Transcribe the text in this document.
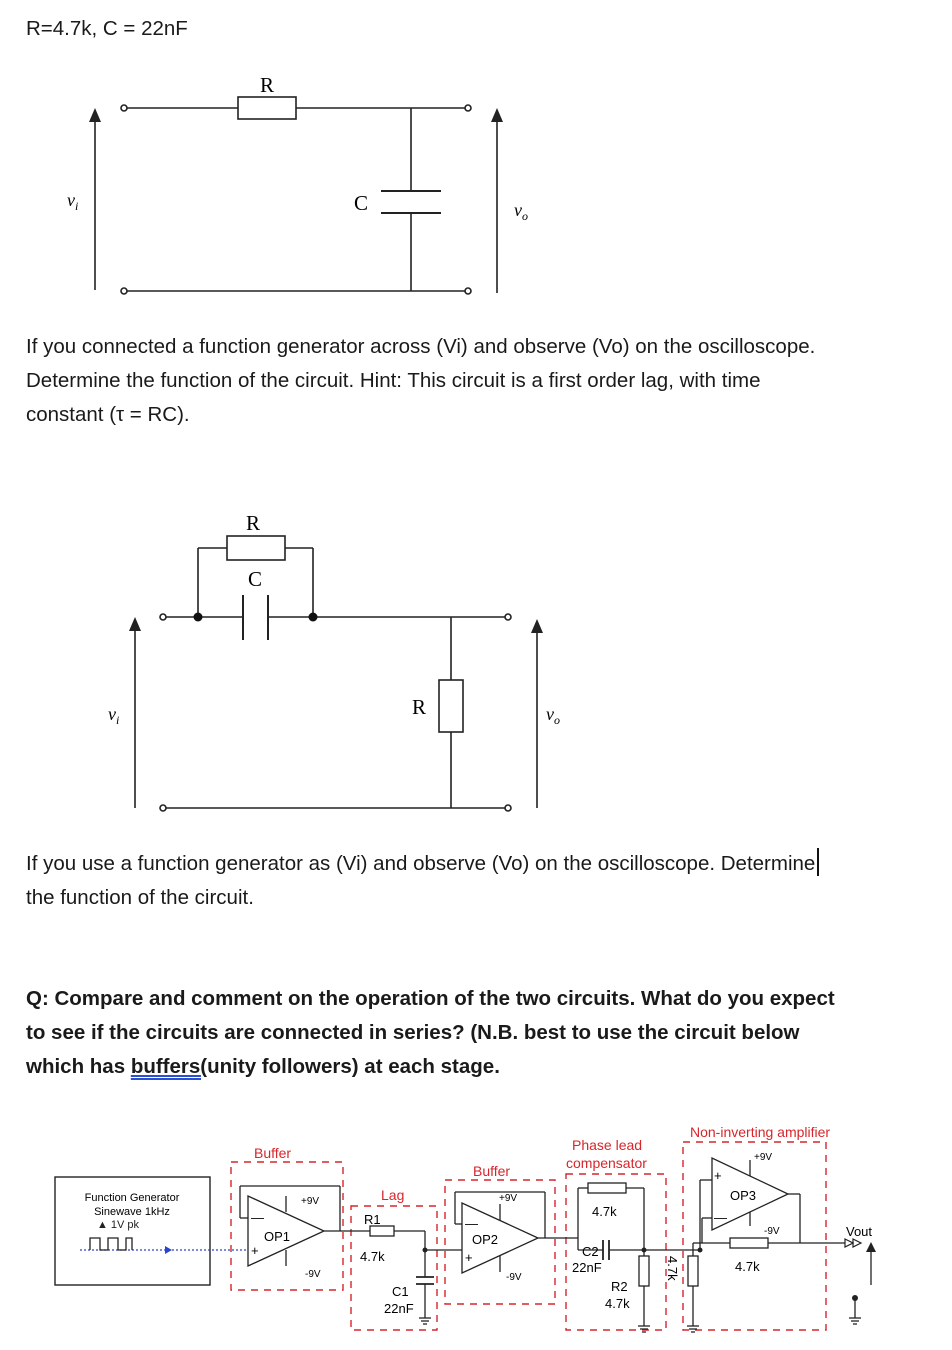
R=4.7k, C = 22nF

R
C
$v_i$	$v_o$

If you connected a function generator across (Vi) and observe (Vo) on the oscilloscope.

Determine the function of the circuit. Hint: This circuit is a first order lag, with time

constant (τ = RC).

R
C
R
$v_i$	$v_o$

If you use a function generator as (Vi) and observe (Vo) on the oscilloscope. Determine

the function of the circuit.

Q: Compare and comment on the operation of the two circuits. What do you expect

to see if the circuits are connected in series? (N.B. best to use the circuit below

which has buffers(unity followers) at each stage.

Function Generator
Sinewave 1kHz
▲ 1V pk
Buffer
Lag
Buffer
Phase lead
compensator
Non-inverting amplifier
—
+
OP1
+9V
-9V
R1
4.7k
C1
22nF
—
+
OP2
+9V
-9V
4.7k
C2
22nF
R2
4.7k
4.7k
+
—
OP3
+9V
-9V
4.7k
Vout
